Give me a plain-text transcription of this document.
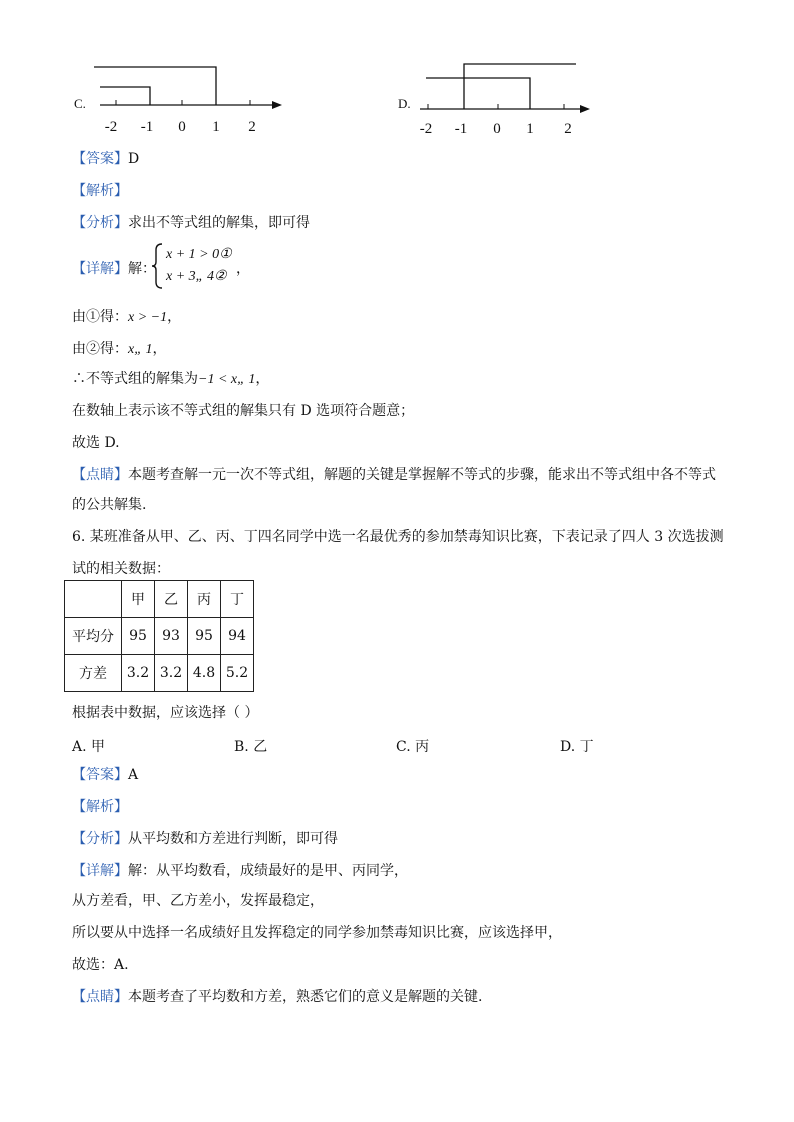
C.
-2 -1 0 1 2
D.
-2 -1 0 1 2
【答案】D
【解析】
【分析】求出不等式组的解集，即可得
【详解】解：
x + 1 > 0①
x + 3„ 4② ，
由①得：x > −1，
由②得：x„ 1，
∴不等式组的解集为−1 < x„ 1，
在数轴上表示该不等式组的解集只有 D 选项符合题意；
故选 D.
【点睛】本题考查解一元一次不等式组，解题的关键是掌握解不等式的步骤，能求出不等式组中各不等式
的公共解集.
6. 某班准备从甲、乙、丙、丁四名同学中选一名最优秀的参加禁毒知识比赛，下表记录了四人 3 次选拔测
试的相关数据：
	甲	乙	丙	丁
平均分	95	93	95	94
方差	3.2	3.2	4.8	5.2
根据表中数据，应该选择（ ）
A. 甲	B. 乙	C. 丙	D. 丁
【答案】A
【解析】
【分析】从平均数和方差进行判断，即可得
【详解】解：从平均数看，成绩最好的是甲、丙同学，
从方差看，甲、乙方差小，发挥最稳定，
所以要从中选择一名成绩好且发挥稳定的同学参加禁毒知识比赛，应该选择甲，
故选：A.
【点睛】本题考查了平均数和方差，熟悉它们的意义是解题的关键.
